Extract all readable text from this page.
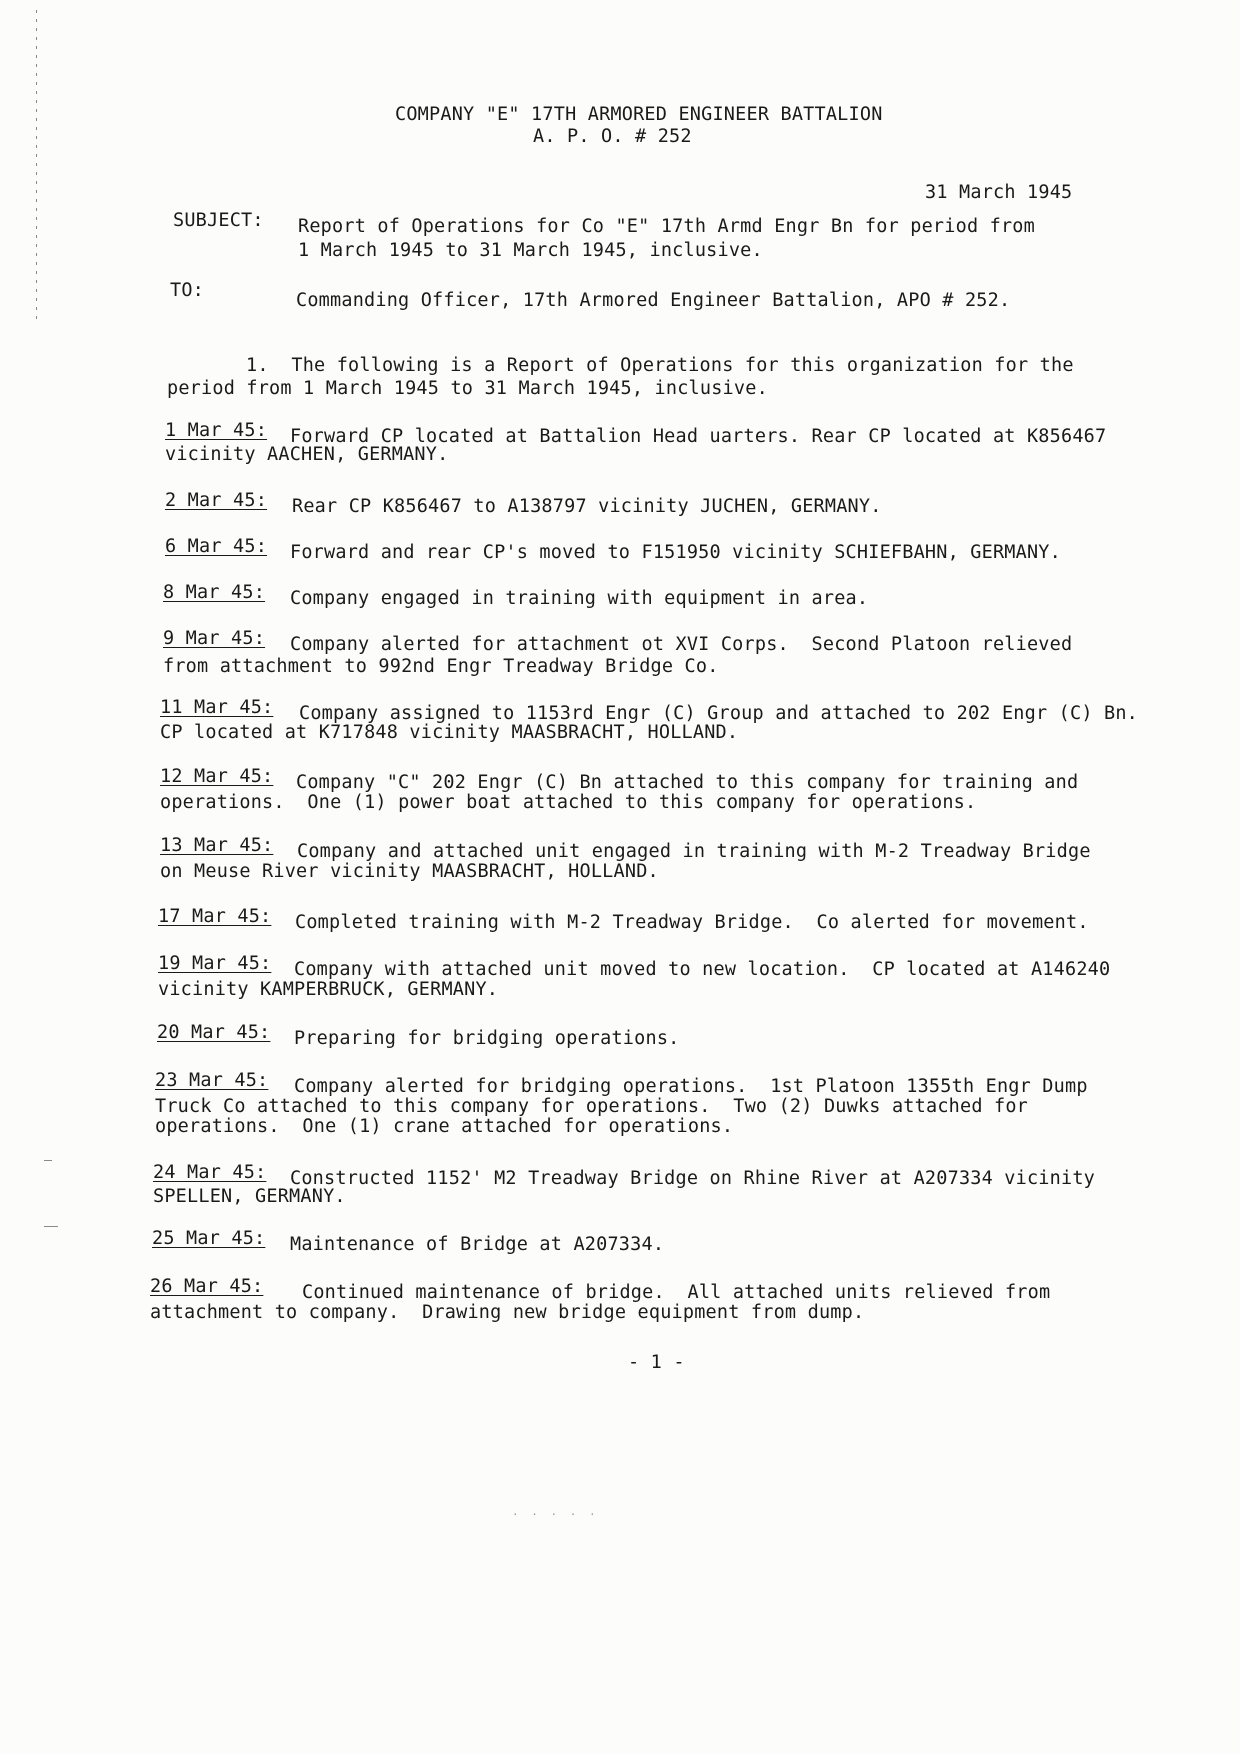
COMPANY "E" 17TH ARMORED ENGINEER BATTALION
A. P. O. # 252
31 March 1945
SUBJECT: Report of Operations for Co "E" 17th Armd Engr Bn for period from
1 March 1945 to 31 March 1945, inclusive.
TO:	Commanding Officer, 17th Armored Engineer Battalion, APO # 252.
1.  The following is a Report of Operations for this organization for the
period from 1 March 1945 to 31 March 1945, inclusive.
1 Mar 45: Forward CP located at Battalion Head uarters. Rear CP located at K856467
vicinity AACHEN, GERMANY.
2 Mar 45: Rear CP K856467 to A138797 vicinity JUCHEN, GERMANY.
6 Mar 45: Forward and rear CP's moved to F151950 vicinity SCHIEFBAHN, GERMANY.
8 Mar 45: Company engaged in training with equipment in area.
9 Mar 45: Company alerted for attachment ot XVI Corps.  Second Platoon relieved
from attachment to 992nd Engr Treadway Bridge Co.
11 Mar 45: Company assigned to 1153rd Engr (C) Group and attached to 202 Engr (C) Bn.
CP located at K717848 vicinity MAASBRACHT, HOLLAND.
12 Mar 45: Company "C" 202 Engr (C) Bn attached to this company for training and
operations.  One (1) power boat attached to this company for operations.
13 Mar 45: Company and attached unit engaged in training with M-2 Treadway Bridge
on Meuse River vicinity MAASBRACHT, HOLLAND.
17 Mar 45: Completed training with M-2 Treadway Bridge.  Co alerted for movement.
19 Mar 45: Company with attached unit moved to new location.  CP located at A146240
vicinity KAMPERBRUCK, GERMANY.
20 Mar 45: Preparing for bridging operations.
23 Mar 45: Company alerted for bridging operations.  1st Platoon 1355th Engr Dump
Truck Co attached to this company for operations.  Two (2) Duwks attached for
operations.  One (1) crane attached for operations.
24 Mar 45: Constructed 1152' M2 Treadway Bridge on Rhine River at A207334 vicinity
SPELLEN, GERMANY.
25 Mar 45: Maintenance of Bridge at A207334.
26 Mar 45: Continued maintenance of bridge.  All attached units relieved from
attachment to company.  Drawing new bridge equipment from dump.
- 1 -
· · · · ·
